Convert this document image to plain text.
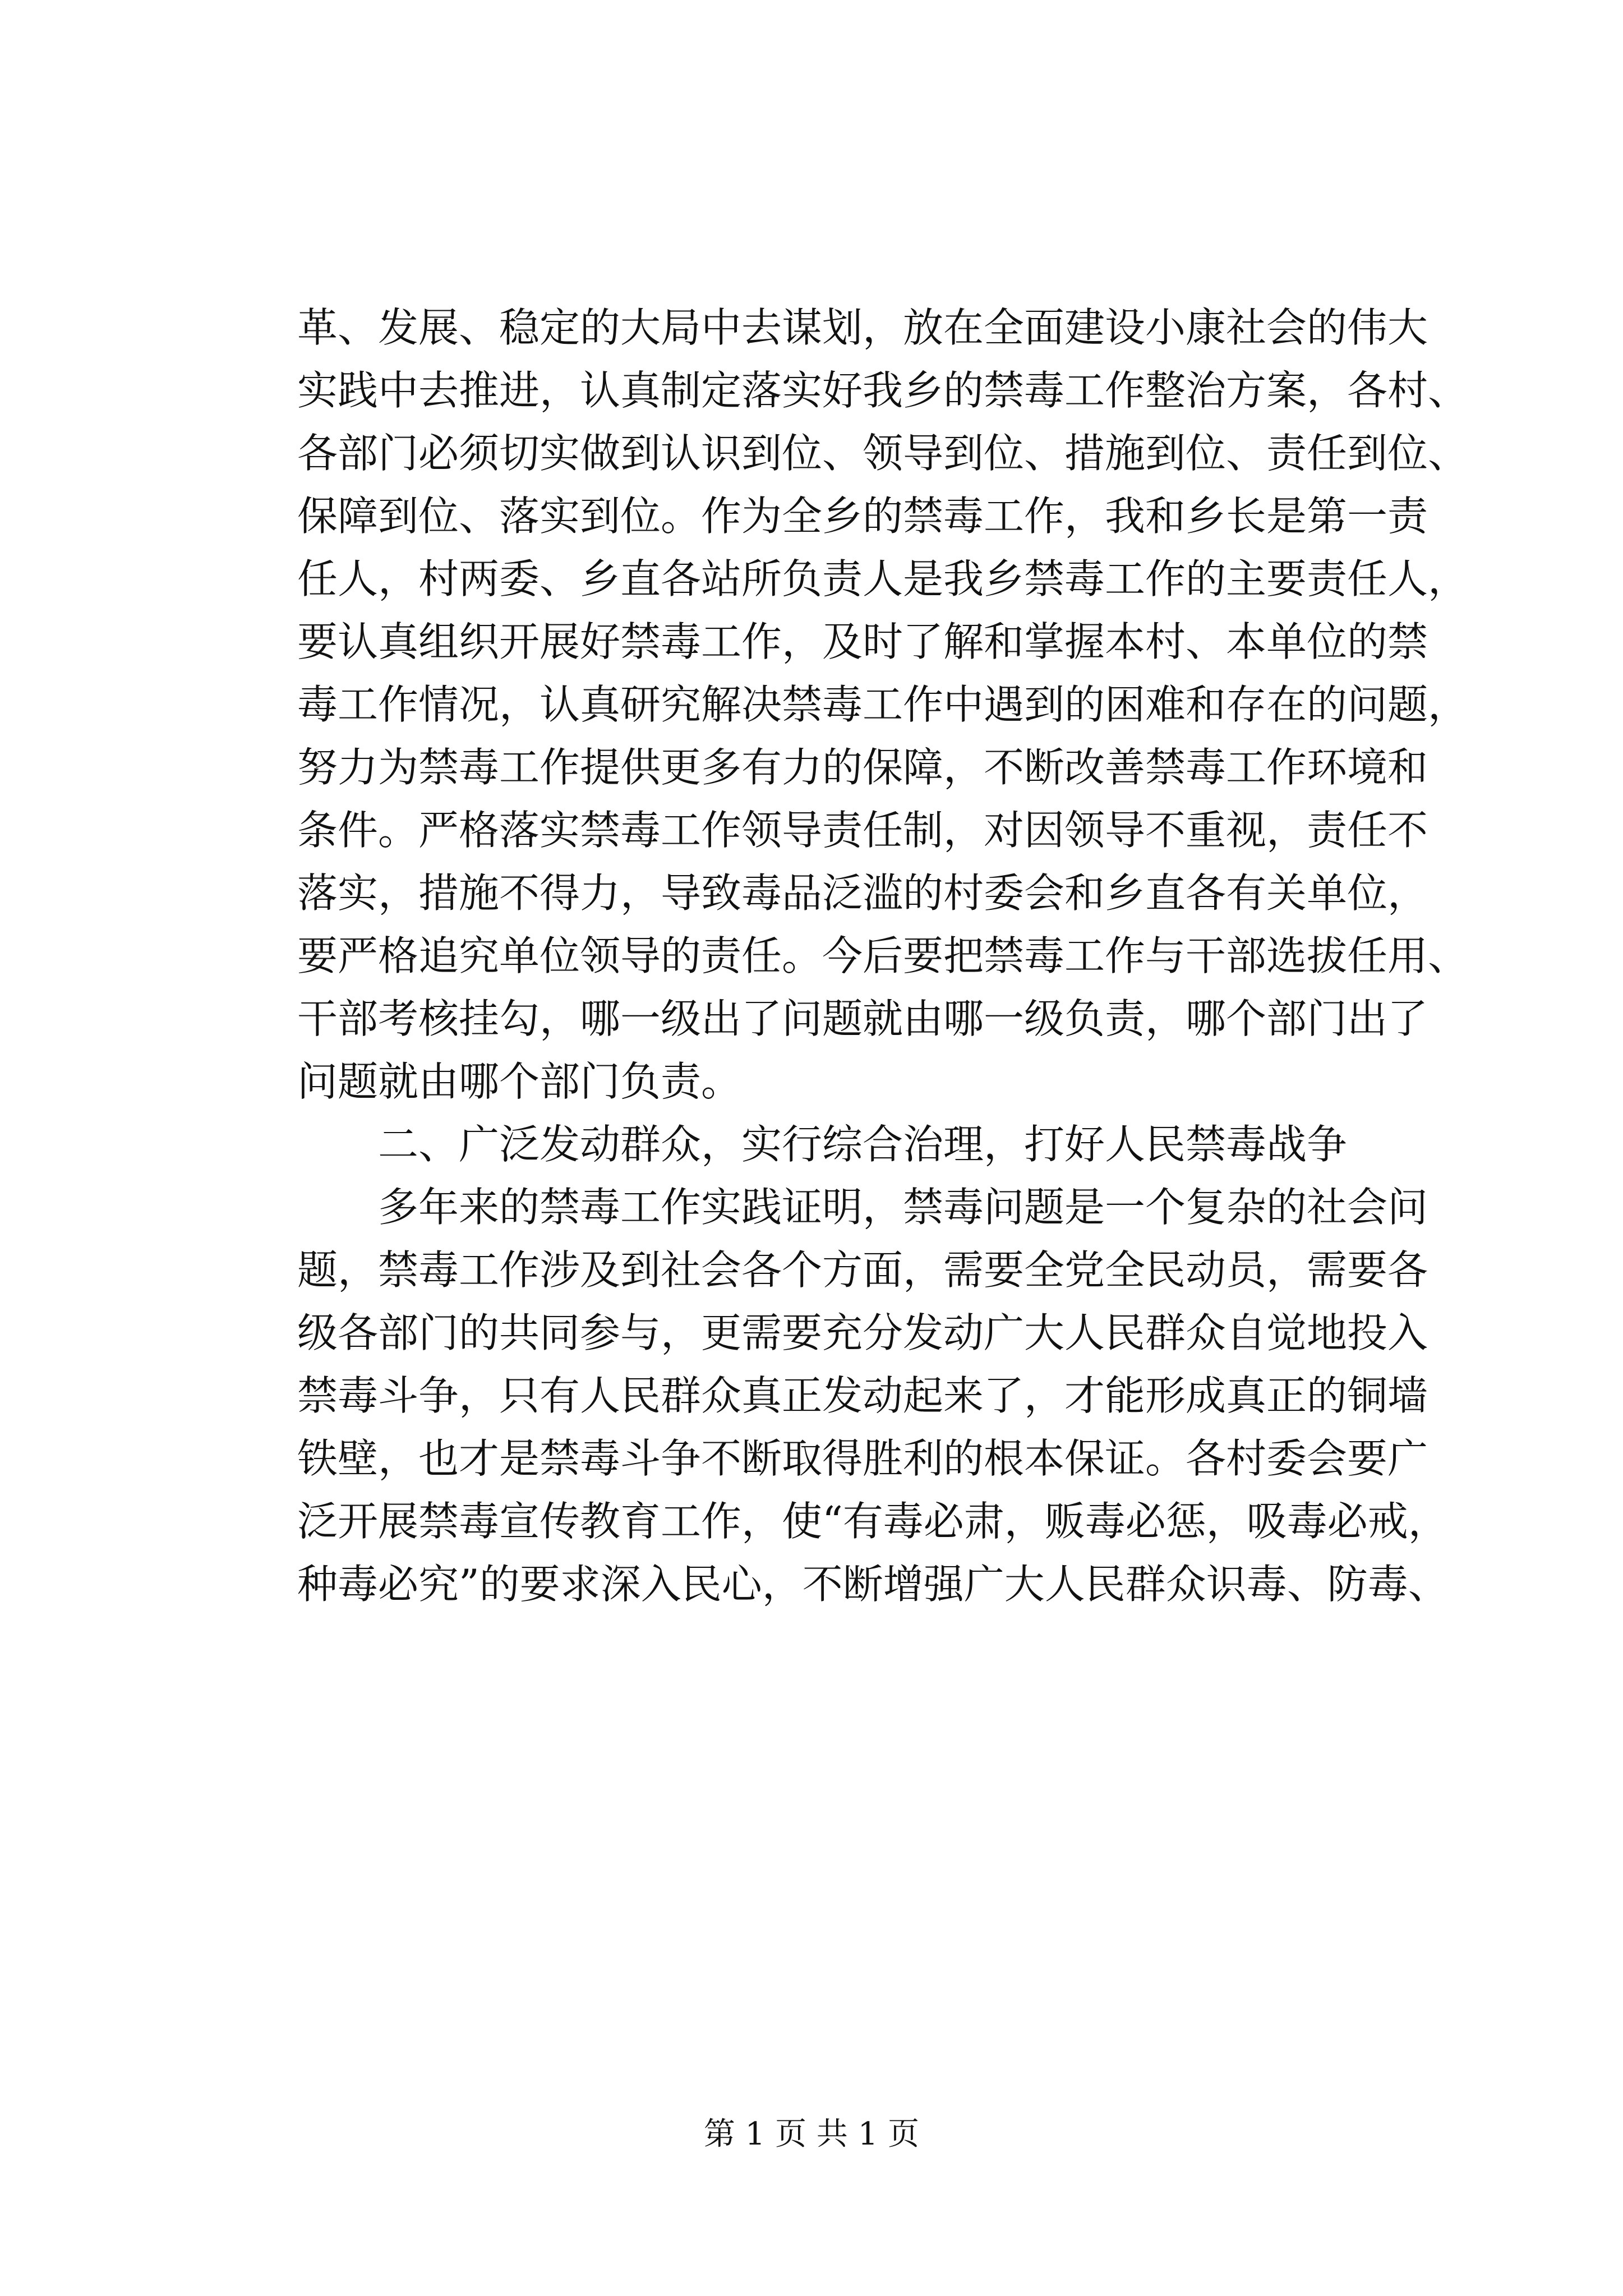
革、发展、稳定的大局中去谋划，放在全面建设小康社会的伟大
实践中去推进，认真制定落实好我乡的禁毒工作整治方案，各村、
各部门必须切实做到认识到位、领导到位、措施到位、责任到位、
保障到位、落实到位。作为全乡的禁毒工作，我和乡长是第一责
任人，村两委、乡直各站所负责人是我乡禁毒工作的主要责任人，
要认真组织开展好禁毒工作，及时了解和掌握本村、本单位的禁
毒工作情况，认真研究解决禁毒工作中遇到的困难和存在的问题，
努力为禁毒工作提供更多有力的保障，不断改善禁毒工作环境和
条件。严格落实禁毒工作领导责任制，对因领导不重视，责任不
落实，措施不得力，导致毒品泛滥的村委会和乡直各有关单位，
要严格追究单位领导的责任。今后要把禁毒工作与干部选拔任用、
干部考核挂勾，哪一级出了问题就由哪一级负责，哪个部门出了
问题就由哪个部门负责。
二、广泛发动群众，实行综合治理，打好人民禁毒战争
多年来的禁毒工作实践证明，禁毒问题是一个复杂的社会问
题，禁毒工作涉及到社会各个方面，需要全党全民动员，需要各
级各部门的共同参与，更需要充分发动广大人民群众自觉地投入
禁毒斗争，只有人民群众真正发动起来了，才能形成真正的铜墙
铁壁，也才是禁毒斗争不断取得胜利的根本保证。各村委会要广
泛开展禁毒宣传教育工作，使“有毒必肃，贩毒必惩，吸毒必戒，
种毒必究”的要求深入民心，不断增强广大人民群众识毒、防毒、
第 1 页 共 1 页
